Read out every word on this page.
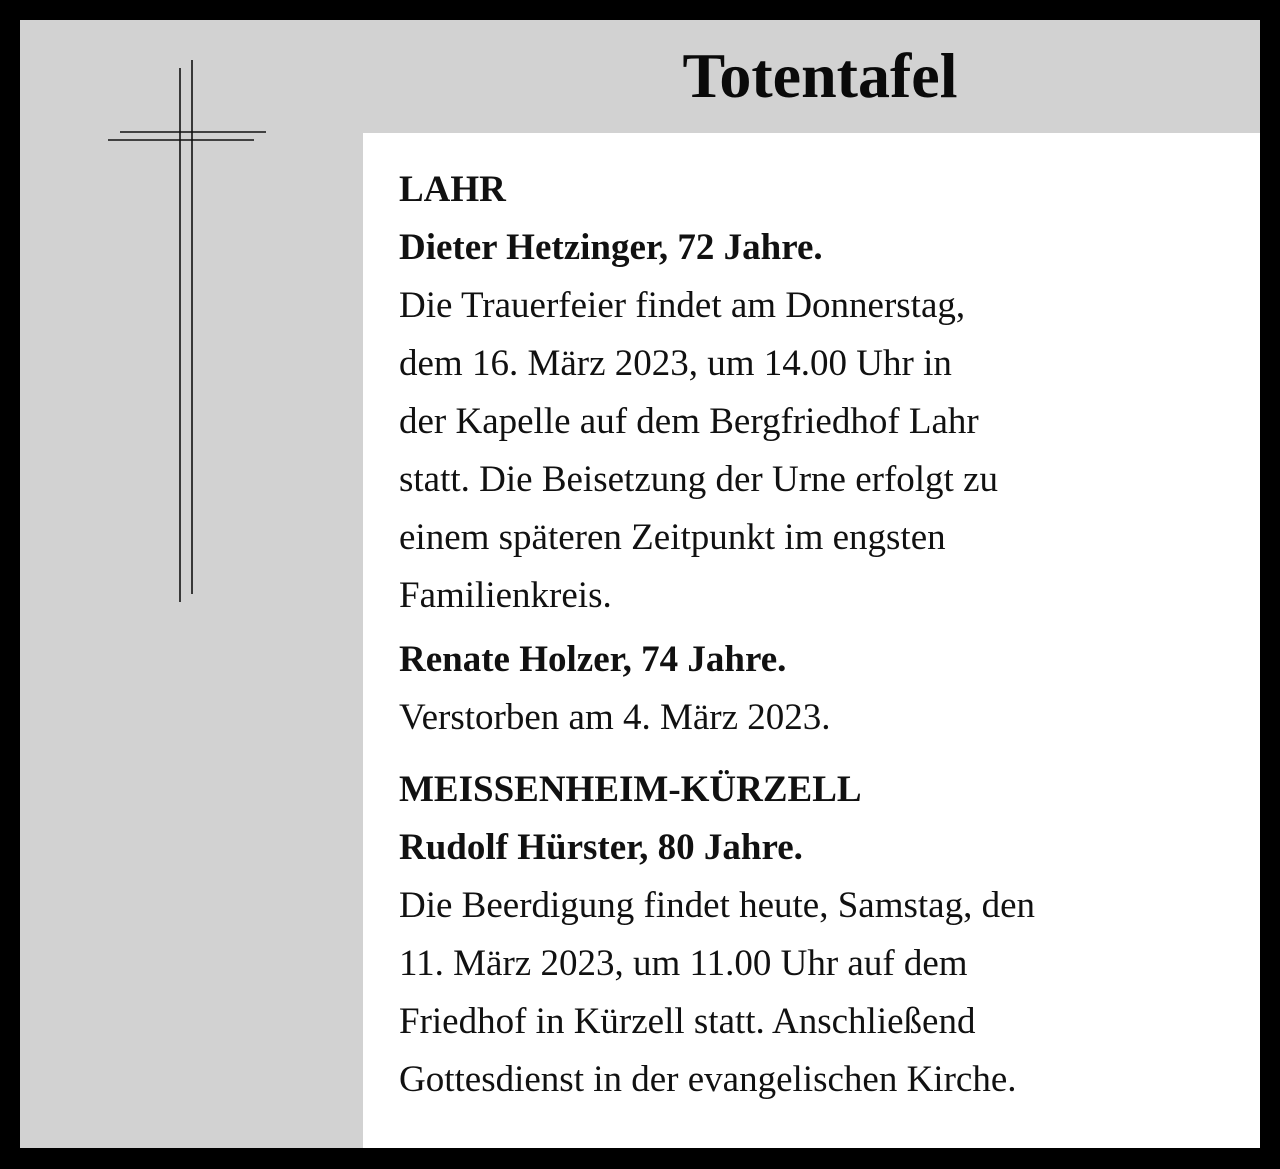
Totentafel
LAHR
Dieter Hetzinger, 72 Jahre.
Die Trauerfeier findet am Donnerstag,
dem 16. März 2023, um 14.00 Uhr in
der Kapelle auf dem Bergfriedhof Lahr
statt. Die Beisetzung der Urne erfolgt zu
einem späteren Zeitpunkt im engsten
Familienkreis.
Renate Holzer, 74 Jahre.
Verstorben am 4. März 2023.
MEISSENHEIM-KÜRZELL
Rudolf Hürster, 80 Jahre.
Die Beerdigung findet heute, Samstag, den
11. März 2023, um 11.00 Uhr auf dem
Friedhof in Kürzell statt. Anschließend
Gottesdienst in der evangelischen Kirche.
